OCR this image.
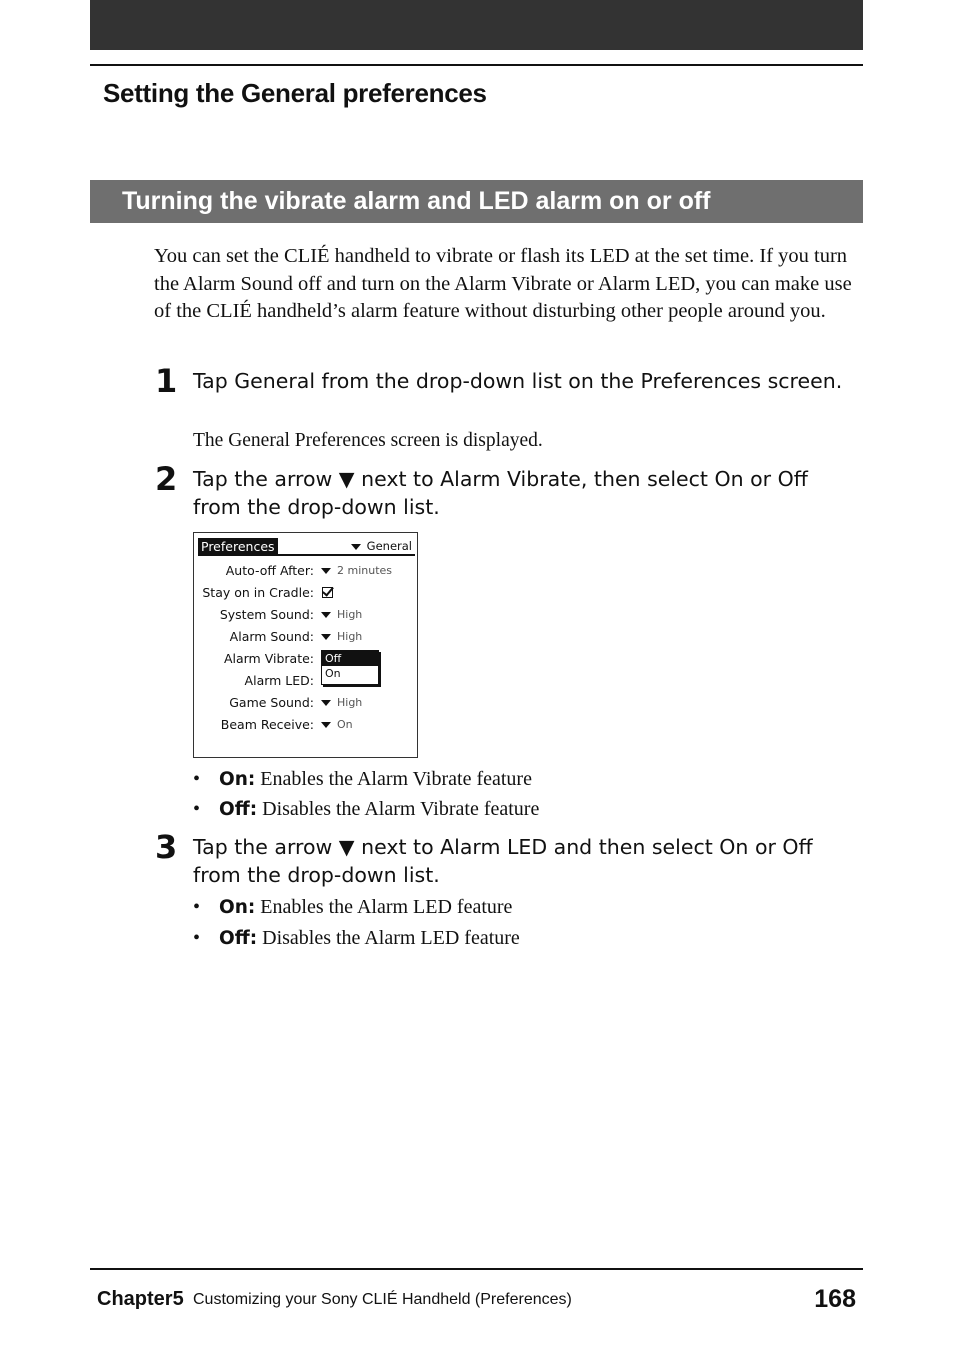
Setting the General preferences
Turning the vibrate alarm and LED alarm on or off
You can set the CLIÉ handheld to vibrate or flash its LED at the set time. If you turn the Alarm Sound off and turn on the Alarm Vibrate or Alarm LED, you can make use of the CLIÉ handheld’s alarm feature without disturbing other people around you.
1 Tap General from the drop-down list on the Preferences screen.
The General Preferences screen is displayed.
2 Tap the arrow ▼ next to Alarm Vibrate, then select On or Off from the drop-down list.
Preferences	General
Auto-off After:	2 minutes
Stay on in Cradle:
System Sound:	High
Alarm Sound:	High
Alarm Vibrate:
Alarm LED:
Game Sound:	High
Beam Receive:	On
Off
On
• On: Enables the Alarm Vibrate feature
• Off: Disables the Alarm Vibrate feature
3 Tap the arrow ▼ next to Alarm LED and then select On or Off from the drop-down list.
• On: Enables the Alarm LED feature
• Off: Disables the Alarm LED feature
Chapter5 Customizing your Sony CLIÉ Handheld (Preferences)	168
